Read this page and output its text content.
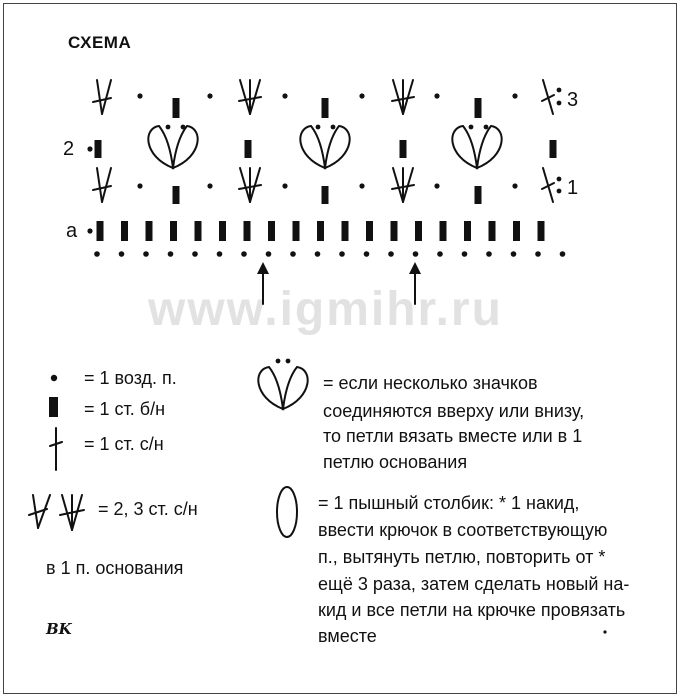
www.igmihr.ru
СХЕМА
3
2
1
а
= 1 возд. п.
= 1 ст. б/н
= 1 ст. с/н
= 2, 3 ст. с/н
в 1 п. основания
= если несколько значков
соединяются вверху или внизу,
то петли вязать вместе или в 1
петлю основания
= 1 пышный столбик: * 1 накид,
ввести крючок в соответствующую
п., вытянуть петлю, повторить от *
ещё 3 раза, затем сделать новый на-
кид и все петли на крючке провязать
вместе
BK
